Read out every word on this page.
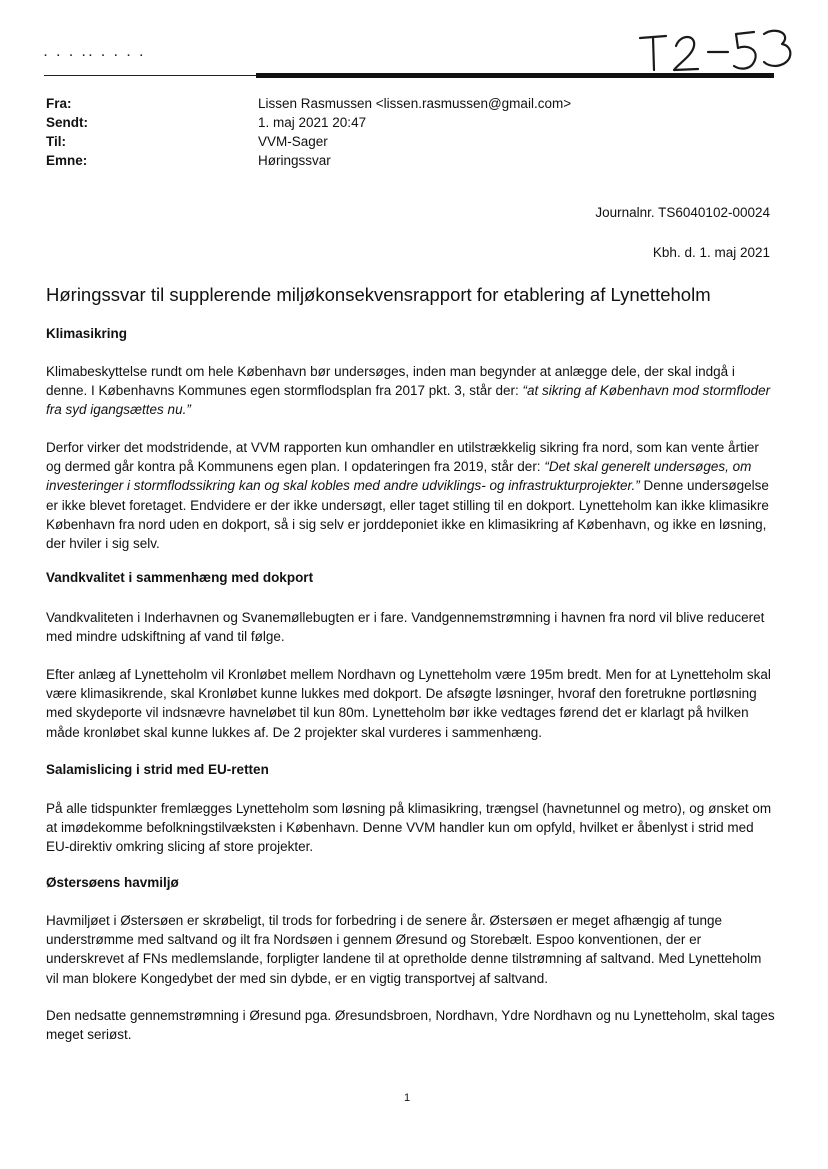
· · · ·· · · · ·
Fra:	Lissen Rasmussen <lissen.rasmussen@gmail.com>
Sendt:	1. maj 2021 20:47
Til:	VVM-Sager
Emne:	Høringssvar
Journalnr. TS6040102-00024
Kbh. d. 1. maj 2021
Høringssvar til supplerende miljøkonsekvensrapport for etablering af Lynetteholm
Klimasikring
Klimabeskyttelse rundt om hele København bør undersøges, inden man begynder at anlægge dele, der skal indgå i denne. I Københavns Kommunes egen stormflodsplan fra 2017 pkt. 3, står der: “at sikring af København mod stormfloder fra syd igangsættes nu.”
Derfor virker det modstridende, at VVM rapporten kun omhandler en utilstrækkelig sikring fra nord, som kan vente årtier og dermed går kontra på Kommunens egen plan. I opdateringen fra 2019, står der: “Det skal generelt undersøges, om investeringer i stormflodssikring kan og skal kobles med andre udviklings- og infrastrukturprojekter.” Denne undersøgelse er ikke blevet foretaget. Endvidere er der ikke undersøgt, eller taget stilling til en dokport. Lynetteholm kan ikke klimasikre København fra nord uden en dokport, så i sig selv er jorddeponiet ikke en klimasikring af København, og ikke en løsning, der hviler i sig selv.
Vandkvalitet i sammenhæng med dokport
Vandkvaliteten i Inderhavnen og Svanemøllebugten er i fare. Vandgennemstrømning i havnen fra nord vil blive reduceret med mindre udskiftning af vand til følge.
Efter anlæg af Lynetteholm vil Kronløbet mellem Nordhavn og Lynetteholm være 195m bredt. Men for at Lynetteholm skal være klimasikrende, skal Kronløbet kunne lukkes med dokport. De afsøgte løsninger, hvoraf den foretrukne portløsning med skydeporte vil indsnævre havneløbet til kun 80m. Lynetteholm bør ikke vedtages førend det er klarlagt på hvilken måde kronløbet skal kunne lukkes af. De 2 projekter skal vurderes i sammenhæng.
Salamislicing i strid med EU-retten
På alle tidspunkter fremlægges Lynetteholm som løsning på klimasikring, trængsel (havnetunnel og metro), og ønsket om at imødekomme befolkningstilvæksten i København. Denne VVM handler kun om opfyld, hvilket er åbenlyst i strid med EU-direktiv omkring slicing af store projekter.
Østersøens havmiljø
Havmiljøet i Østersøen er skrøbeligt, til trods for forbedring i de senere år. Østersøen er meget afhængig af tunge understrømme med saltvand og ilt fra Nordsøen i gennem Øresund og Storebælt. Espoo konventionen, der er underskrevet af FNs medlemslande, forpligter landene til at opretholde denne tilstrømning af saltvand. Med Lynetteholm vil man blokere Kongedybet der med sin dybde, er en vigtig transportvej af saltvand.
Den nedsatte gennemstrømning i Øresund pga. Øresundsbroen, Nordhavn, Ydre Nordhavn og nu Lynetteholm, skal tages meget seriøst.
1
